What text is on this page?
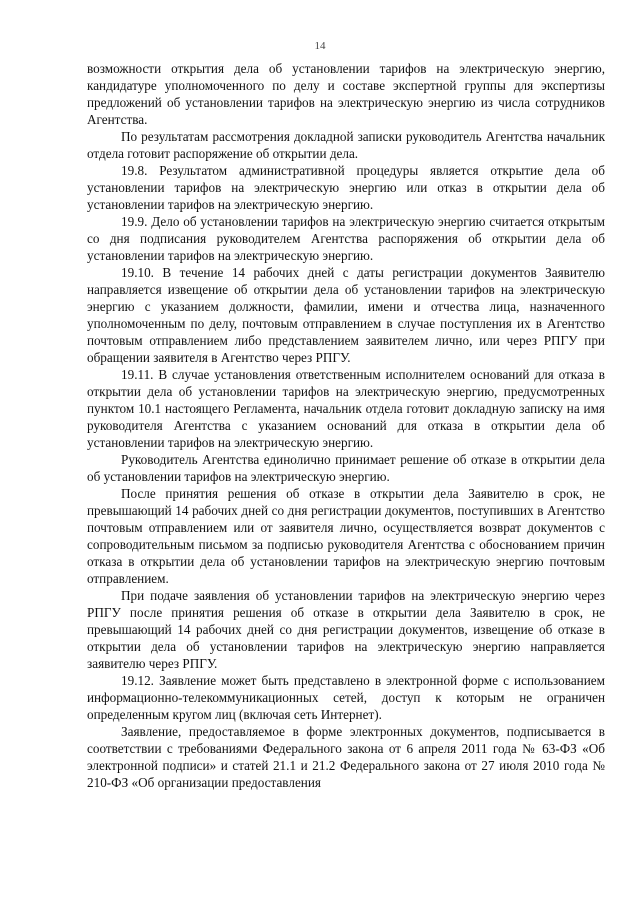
14

возможности открытия дела об установлении тарифов на электрическую энергию, кандидатуре уполномоченного по делу и составе экспертной группы для экспертизы предложений об установлении тарифов на электрическую энергию из числа сотрудников Агентства.

По результатам рассмотрения докладной записки руководитель Агентства начальник отдела готовит распоряжение об открытии дела.

19.8. Результатом административной процедуры является открытие дела об установлении тарифов на электрическую энергию или отказ в открытии дела об установлении тарифов на электрическую энергию.

19.9. Дело об установлении тарифов на электрическую энергию считается открытым со дня подписания руководителем Агентства распоряжения об открытии дела об установлении тарифов на электрическую энергию.

19.10. В течение 14 рабочих дней с даты регистрации документов Заявителю направляется извещение об открытии дела об установлении тарифов на электрическую энергию с указанием должности, фамилии, имени и отчества лица, назначенного уполномоченным по делу, почтовым отправлением в случае поступления их в Агентство почтовым отправлением либо представлением заявителем лично, или через РПГУ при обращении заявителя в Агентство через РПГУ.

19.11. В случае установления ответственным исполнителем оснований для отказа в открытии дела об установлении тарифов на электрическую энергию, предусмотренных пунктом 10.1 настоящего Регламента, начальник отдела готовит докладную записку на имя руководителя Агентства с указанием оснований для отказа в открытии дела об установлении тарифов на электрическую энергию.

Руководитель Агентства единолично принимает решение об отказе в открытии дела об установлении тарифов на электрическую энергию.

После принятия решения об отказе в открытии дела Заявителю в срок, не превышающий 14 рабочих дней со дня регистрации документов, поступивших в Агентство почтовым отправлением или от заявителя лично, осуществляется возврат документов с сопроводительным письмом за подписью руководителя Агентства с обоснованием причин отказа в открытии дела об установлении тарифов на электрическую энергию почтовым отправлением.

При подаче заявления об установлении тарифов на электрическую энергию через РПГУ после принятия решения об отказе в открытии дела Заявителю в срок, не превышающий 14 рабочих дней со дня регистрации документов, извещение об отказе в открытии дела об установлении тарифов на электрическую энергию направляется заявителю через РПГУ.

19.12. Заявление может быть представлено в электронной форме с использованием информационно-телекоммуникационных сетей, доступ к которым не ограничен определенным кругом лиц (включая сеть Интернет).

Заявление, предоставляемое в форме электронных документов, подписывается в соответствии с требованиями Федерального закона от 6 апреля 2011 года № 63-ФЗ «Об электронной подписи» и статей 21.1 и 21.2 Федерального закона от 27 июля 2010 года № 210-ФЗ «Об организации предоставления
